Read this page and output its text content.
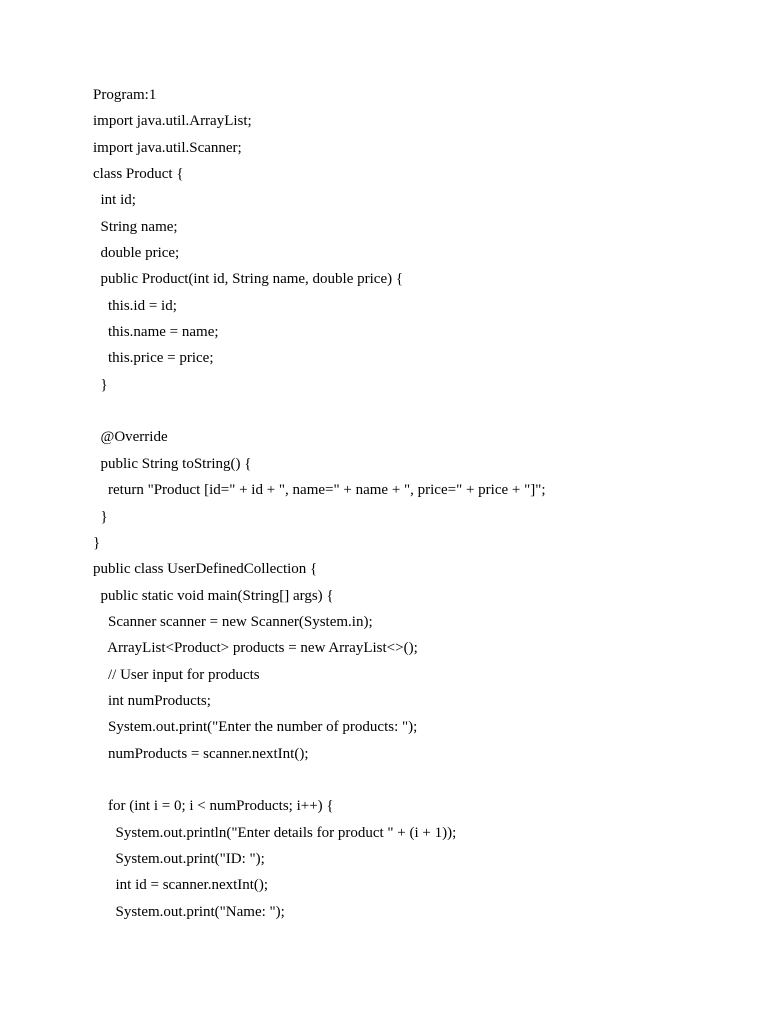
Program:1
import java.util.ArrayList;
import java.util.Scanner;
class Product {
int id;
String name;
double price;
public Product(int id, String name, double price) {
this.id = id;
this.name = name;
this.price = price;
}
@Override
public String toString() {
return "Product [id=" + id + ", name=" + name + ", price=" + price + "]";
}
}
public class UserDefinedCollection {
public static void main(String[] args) {
Scanner scanner = new Scanner(System.in);
ArrayList<Product> products = new ArrayList<>();
// User input for products
int numProducts;
System.out.print("Enter the number of products: ");
numProducts = scanner.nextInt();
for (int i = 0; i < numProducts; i++) {
System.out.println("Enter details for product " + (i + 1));
System.out.print("ID: ");
int id = scanner.nextInt();
System.out.print("Name: ");
